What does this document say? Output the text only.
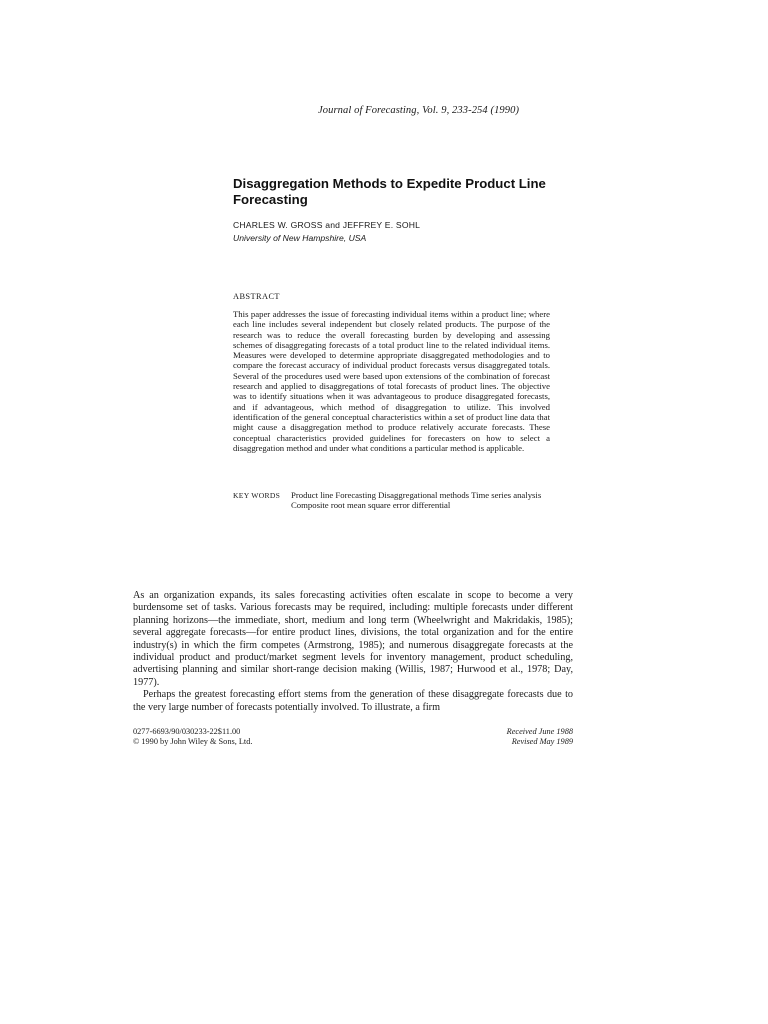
Journal of Forecasting, Vol. 9, 233-254 (1990)
Disaggregation Methods to Expedite Product Line Forecasting
CHARLES W. GROSS and JEFFREY E. SOHL
University of New Hampshire, USA
ABSTRACT
This paper addresses the issue of forecasting individual items within a product line; where each line includes several independent but closely related products. The purpose of the research was to reduce the overall forecasting burden by developing and assessing schemes of disaggregating forecasts of a total product line to the related individual items. Measures were developed to determine appropriate disaggregated methodologies and to compare the forecast accuracy of individual product forecasts versus disaggregated totals. Several of the procedures used were based upon extensions of the combination of forecast research and applied to disaggregations of total forecasts of product lines. The objective was to identify situations when it was advantageous to produce disaggregated forecasts, and if advantageous, which method of disaggregation to utilize. This involved identification of the general conceptual characteristics within a set of product line data that might cause a disaggregation method to produce relatively accurate forecasts. These conceptual characteristics provided guidelines for forecasters on how to select a disaggregation method and under what conditions a particular method is applicable.
KEY WORDS	Product line Forecasting Disaggregational methods Time series analysis Composite root mean square error differential

As an organization expands, its sales forecasting activities often escalate in scope to become a very burdensome set of tasks. Various forecasts may be required, including: multiple forecasts under different planning horizons—the immediate, short, medium and long term (Wheelwright and Makridakis, 1985); several aggregate forecasts—for entire product lines, divisions, the total organization and for the entire industry(s) in which the firm competes (Armstrong, 1985); and numerous disaggregate forecasts at the individual product and product/market segment levels for inventory management, product scheduling, advertising planning and similar short-range decision making (Willis, 1987; Hurwood et al., 1978; Day, 1977).

Perhaps the greatest forecasting effort stems from the generation of these disaggregate forecasts due to the very large number of forecasts potentially involved. To illustrate, a firm

0277-6693/90/030233-22$11.00	Received June 1988
© 1990 by John Wiley & Sons, Ltd.	Revised May 1989
